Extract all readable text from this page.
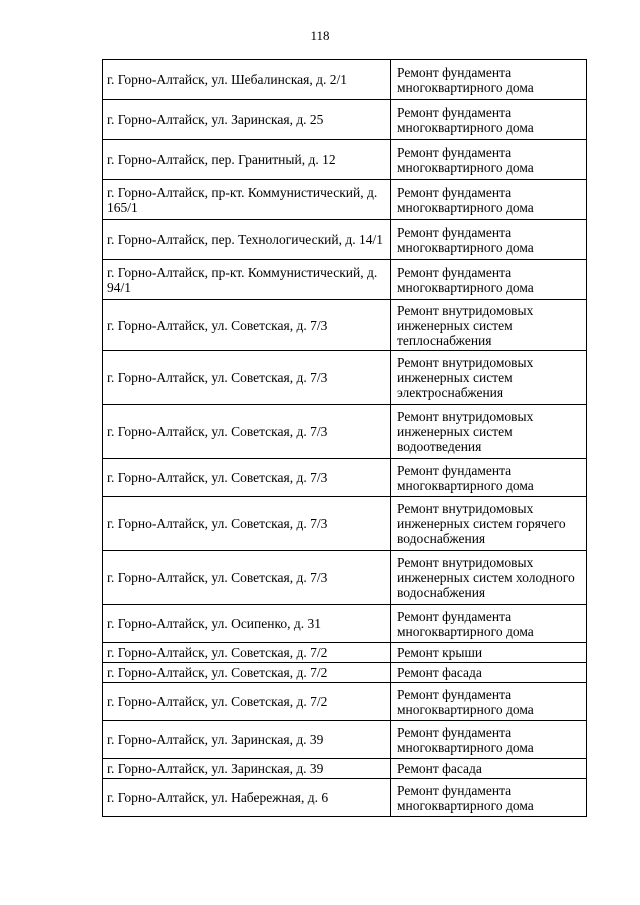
118
г. Горно-Алтайск, ул. Шебалинская, д. 2/1	Ремонт фундамента многоквартирного дома
г. Горно-Алтайск, ул. Заринская, д. 25	Ремонт фундамента многоквартирного дома
г. Горно-Алтайск, пер. Гранитный, д. 12	Ремонт фундамента многоквартирного дома
г. Горно-Алтайск, пр-кт. Коммунистический, д. 165/1	Ремонт фундамента многоквартирного дома
г. Горно-Алтайск, пер. Технологический, д. 14/1	Ремонт фундамента многоквартирного дома
г. Горно-Алтайск, пр-кт. Коммунистический, д. 94/1	Ремонт фундамента многоквартирного дома
г. Горно-Алтайск, ул. Советская, д. 7/3	Ремонт внутридомовых инженерных систем теплоснабжения
г. Горно-Алтайск, ул. Советская, д. 7/3	Ремонт внутридомовых инженерных систем электроснабжения
г. Горно-Алтайск, ул. Советская, д. 7/3	Ремонт внутридомовых инженерных систем водоотведения
г. Горно-Алтайск, ул. Советская, д. 7/3	Ремонт фундамента многоквартирного дома
г. Горно-Алтайск, ул. Советская, д. 7/3	Ремонт внутридомовых инженерных систем горячего водоснабжения
г. Горно-Алтайск, ул. Советская, д. 7/3	Ремонт внутридомовых инженерных систем холодного водоснабжения
г. Горно-Алтайск, ул. Осипенко, д. 31	Ремонт фундамента многоквартирного дома
г. Горно-Алтайск, ул. Советская, д. 7/2	Ремонт крыши
г. Горно-Алтайск, ул. Советская, д. 7/2	Ремонт фасада
г. Горно-Алтайск, ул. Советская, д. 7/2	Ремонт фундамента многоквартирного дома
г. Горно-Алтайск, ул. Заринская, д. 39	Ремонт фундамента многоквартирного дома
г. Горно-Алтайск, ул. Заринская, д. 39	Ремонт фасада
г. Горно-Алтайск, ул. Набережная, д. 6	Ремонт фундамента многоквартирного дома
